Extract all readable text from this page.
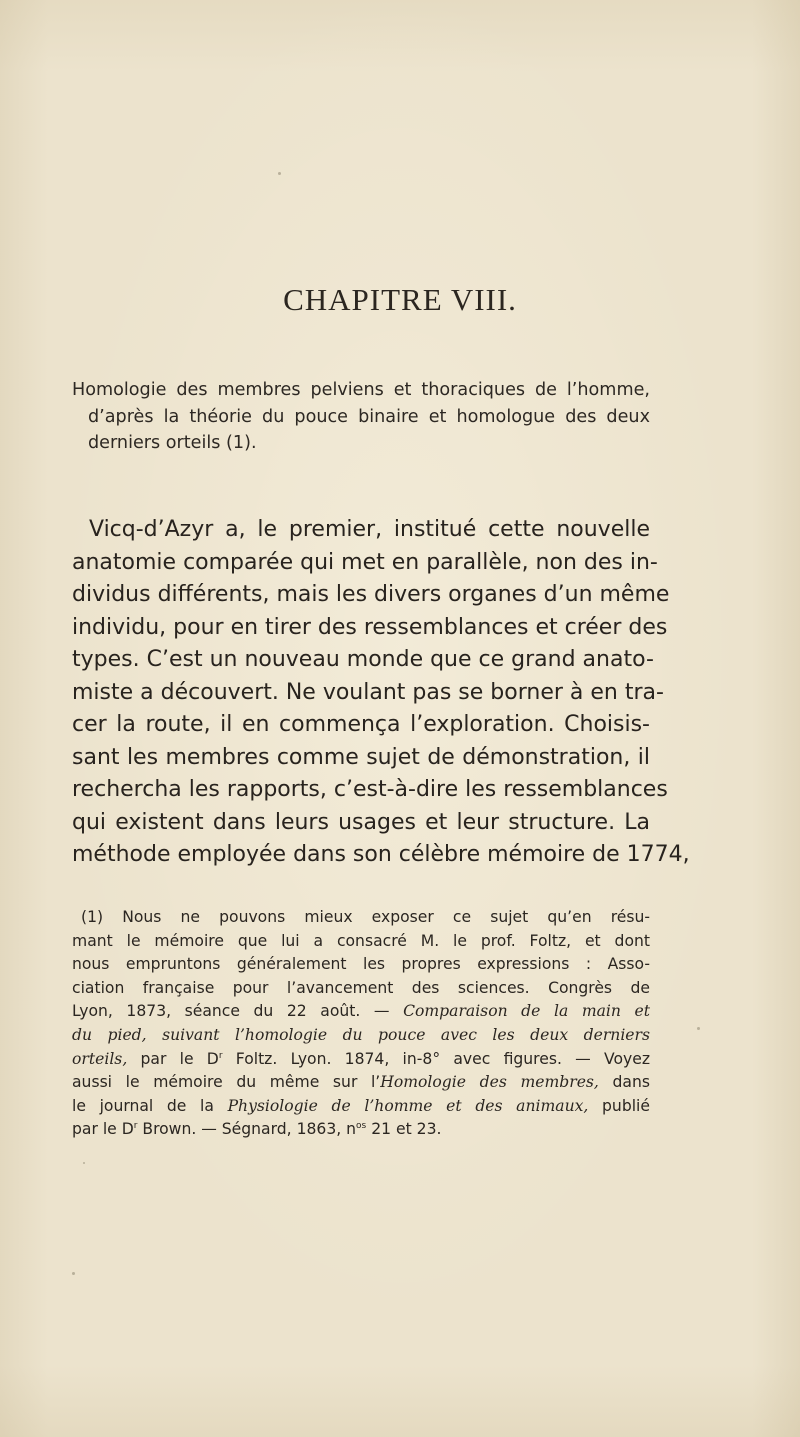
CHAPITRE VIII.
Homologie des membres pelviens et thoraciques de l’homme,
d’après la théorie du pouce binaire et homologue des deux
derniers orteils (1).
Vicq-d’Azyr a, le premier, institué cette nouvelle
anatomie comparée qui met en parallèle, non des in-
dividus différents, mais les divers organes d’un même
individu, pour en tirer des ressemblances et créer des
types. C’est un nouveau monde que ce grand anato-
miste a découvert. Ne voulant pas se borner à en tra-
cer la route, il en commença l’exploration. Choisis-
sant les membres comme sujet de démonstration, il
rechercha les rapports, c’est-à-dire les ressemblances
qui existent dans leurs usages et leur structure. La
méthode employée dans son célèbre mémoire de 1774,
(1) Nous ne pouvons mieux exposer ce sujet qu’en résu-
mant le mémoire que lui a consacré M. le prof. Foltz, et dont
nous empruntons généralement les propres expressions : Asso-
ciation française pour l’avancement des sciences. Congrès de
Lyon, 1873, séance du 22 août. — Comparaison de la main et
du pied, suivant l’homologie du pouce avec les deux derniers
orteils, par le $D^r$ Foltz. Lyon. 1874, in-8° avec figures. — Voyez
aussi le mémoire du même sur l’Homologie des membres, dans
le journal de la Physiologie de l’homme et des animaux, publié
par le $D^r$ Brown. — Ségnard, 1863, $n^{os}$ 21 et 23.
